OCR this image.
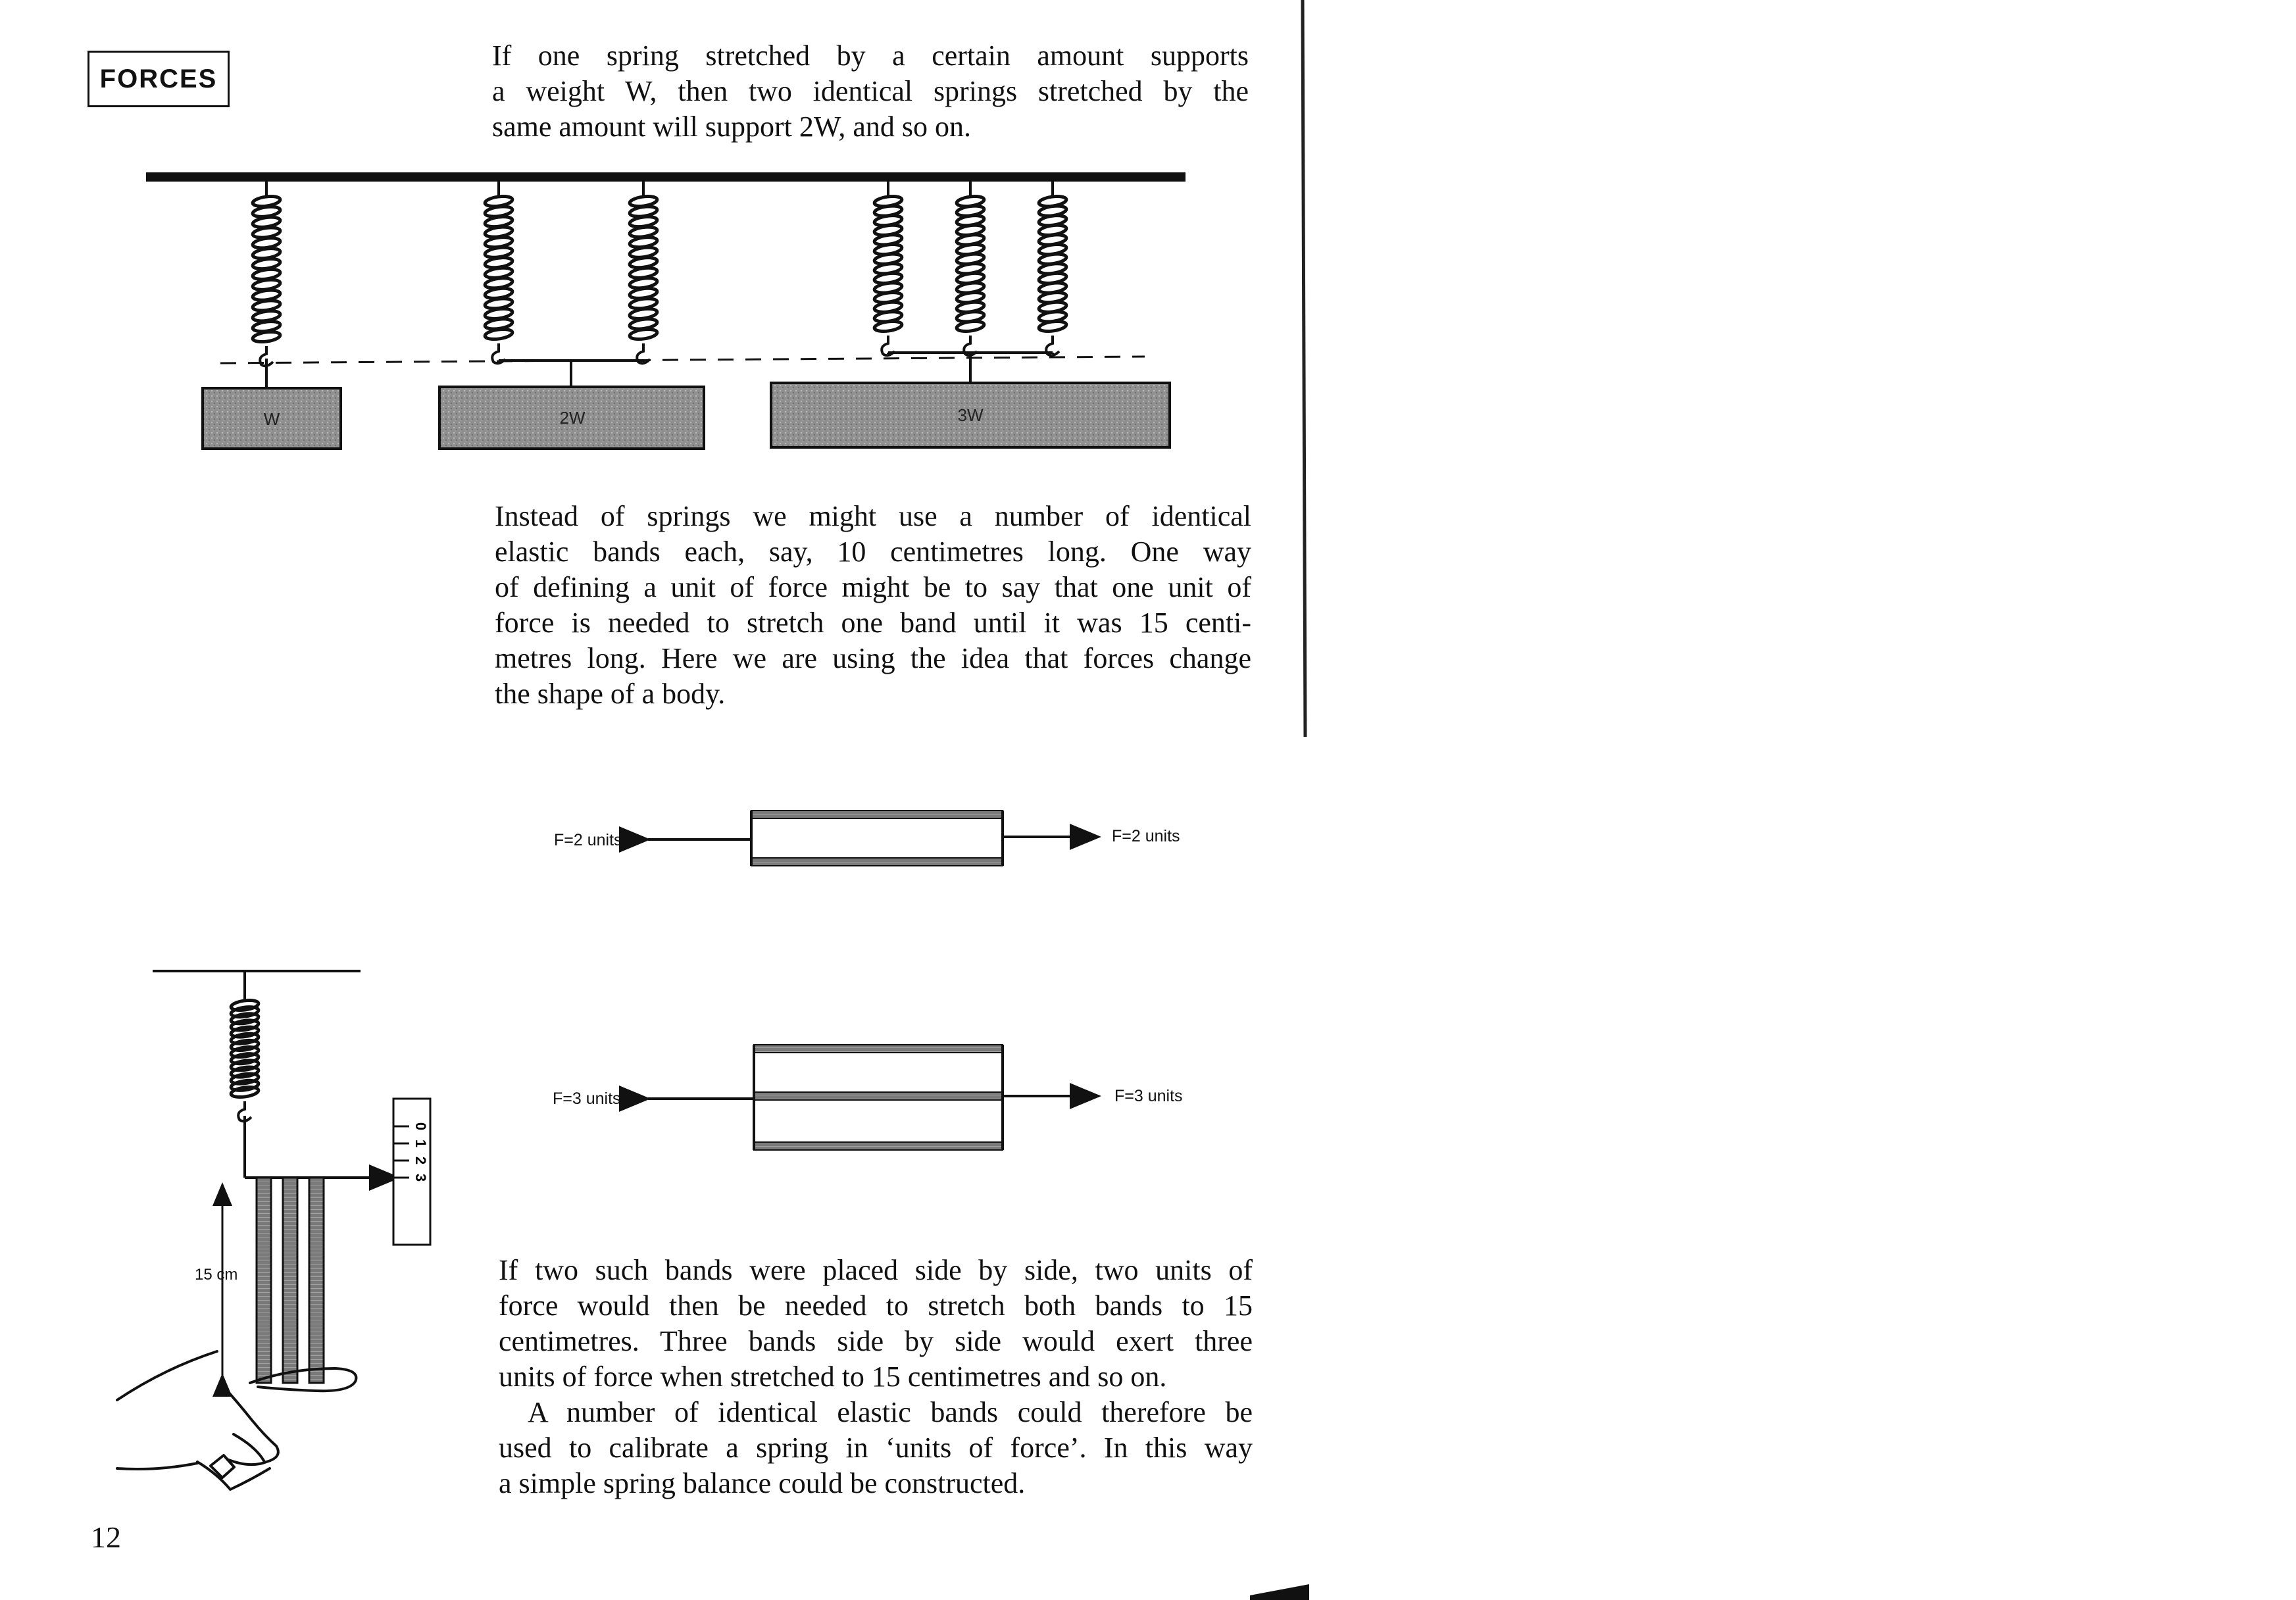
FORCES
If one spring stretched by a certain amount supports
a weight W, then two identical springs stretched by the
same amount will support 2W, and so on.
Instead of springs we might use a number of identical
elastic bands each, say, 10 centimetres long. One way
of defining a unit of force might be to say that one unit of
force is needed to stretch one band until it was 15 centi-
metres long. Here we are using the idea that forces change
the shape of a body.
If two such bands were placed side by side, two units of
force would then be needed to stretch both bands to 15
centimetres. Three bands side by side would exert three
units of force when stretched to 15 centimetres and so on.
A number of identical elastic bands could therefore be
used to calibrate a spring in ‘units of force’. In this way
a simple spring balance could be constructed.
12
W	2W	3W
F=2 units	F=2 units
F=3 units	F=3 units
15 cm
0
1
2
3
